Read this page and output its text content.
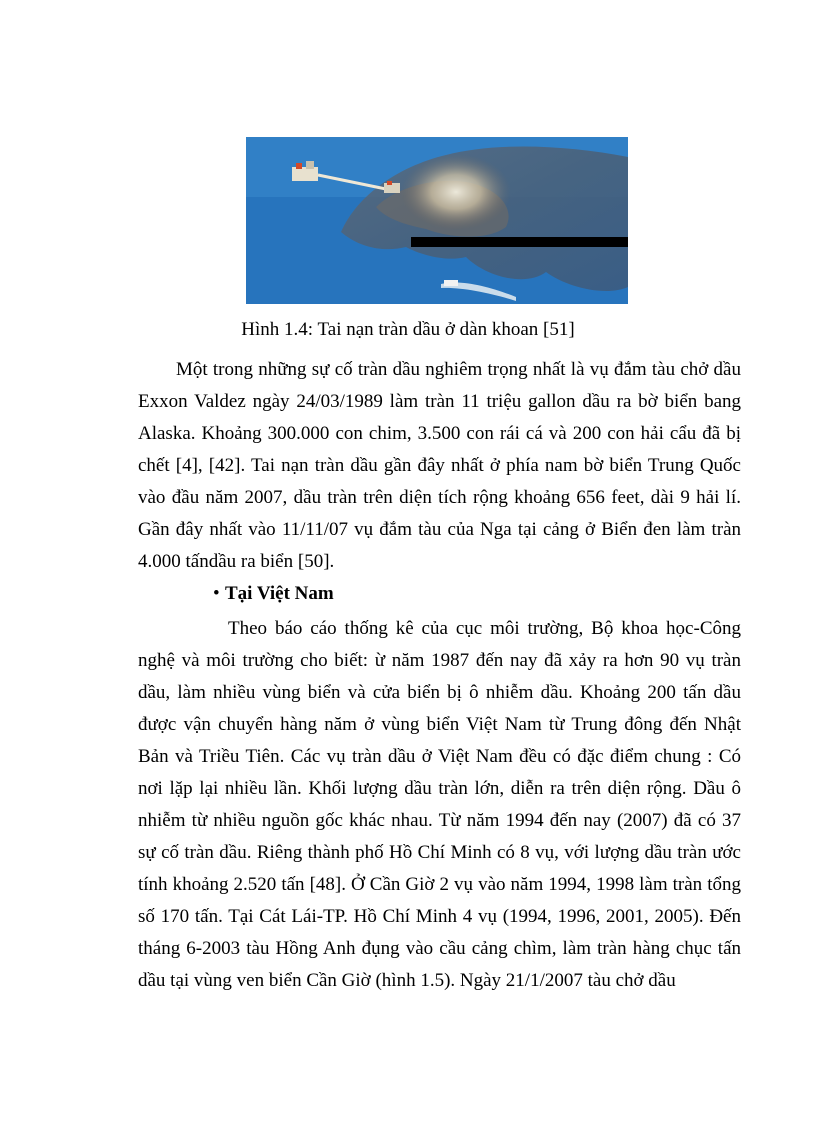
Hình 1.4: Tai nạn tràn dầu ở dàn khoan [51]

Một trong những sự cố tràn dầu nghiêm trọng nhất là vụ đắm tàu chở dầu Exxon Valdez ngày 24/03/1989 làm tràn 11 triệu gallon dầu ra bờ biển bang Alaska. Khoảng 300.000 con chim, 3.500 con rái cá và 200 con hải cẩu đã bị chết [4], [42]. Tai nạn tràn dầu gần đây nhất ở phía nam bờ biển Trung Quốc vào đầu năm 2007, dầu tràn trên diện tích rộng khoảng 656 feet, dài 9 hải lí. Gần đây nhất vào 11/11/07 vụ đắm tàu của Nga tại cảng ở Biển đen làm tràn 4.000 tấndầu ra biển [50].

• Tại Việt Nam

Theo báo cáo thống kê của cục môi trường, Bộ khoa học-Công nghệ và môi trường cho biết: ừ năm 1987 đến nay đã xảy ra hơn 90 vụ tràn dầu, làm nhiều vùng biển và cửa biển bị ô nhiễm dầu. Khoảng 200 tấn dầu được vận chuyển hàng năm ở vùng biển Việt Nam từ Trung đông đến Nhật Bản và Triều Tiên. Các vụ tràn dầu ở Việt Nam đều có đặc điểm chung : Có nơi lặp lại nhiều lần. Khối lượng dầu tràn lớn, diễn ra trên diện rộng. Dầu ô nhiễm từ nhiều nguồn gốc khác nhau. Từ năm 1994 đến nay (2007) đã có 37 sự cố tràn dầu. Riêng thành phố Hồ Chí Minh có 8 vụ, với lượng dầu tràn ước tính khoảng 2.520 tấn [48]. Ở Cần Giờ 2 vụ vào năm 1994, 1998 làm tràn tổng số 170 tấn. Tại Cát Lái-TP. Hồ Chí Minh 4 vụ (1994, 1996, 2001, 2005). Đến tháng 6-2003 tàu Hồng Anh đụng vào cầu cảng chìm, làm tràn hàng chục tấn dầu tại vùng ven biển Cần Giờ (hình 1.5). Ngày 21/1/2007 tàu chở dầu
